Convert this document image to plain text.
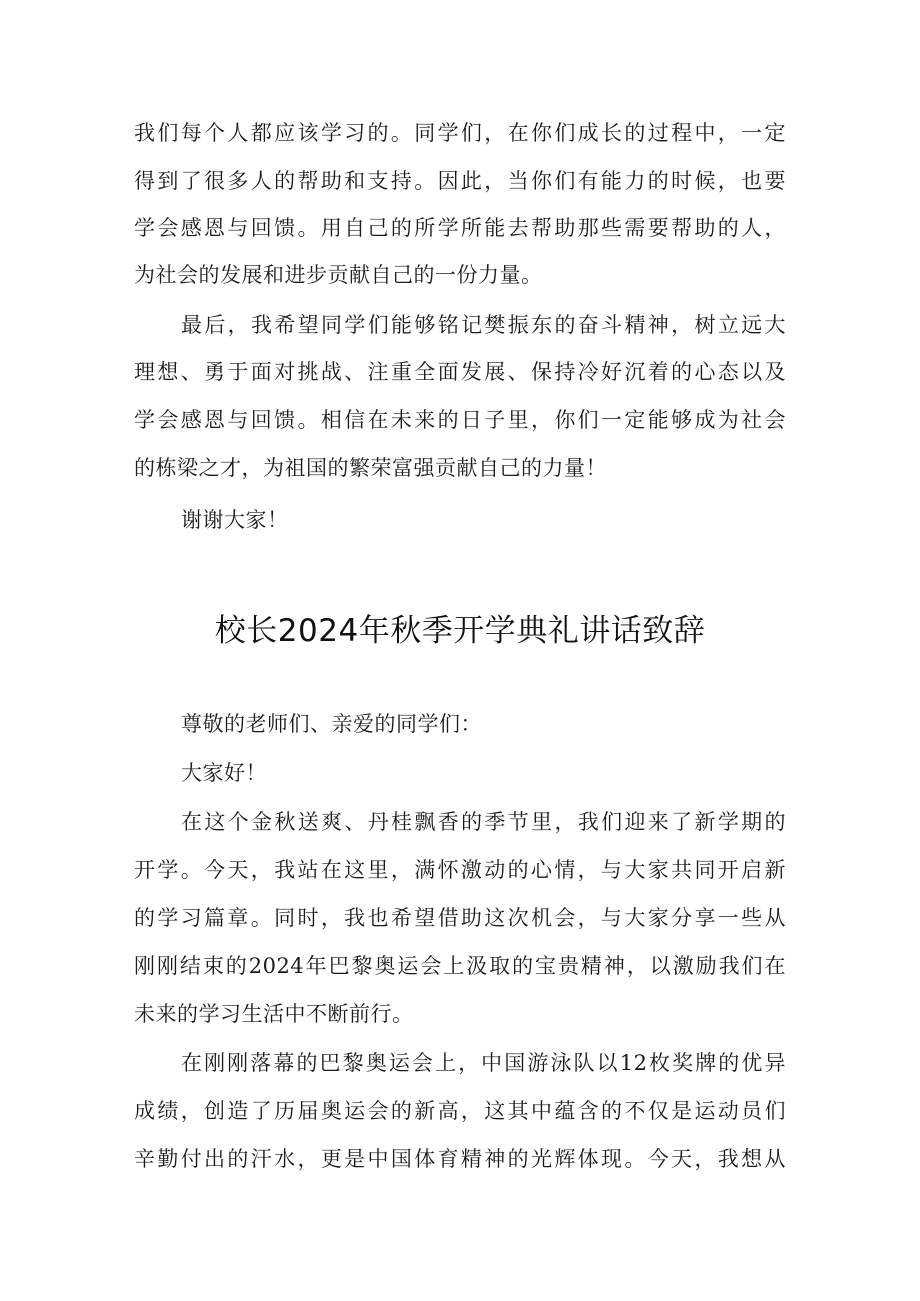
我们每个人都应该学习的。同学们，在你们成长的过程中，一定
得到了很多人的帮助和支持。因此，当你们有能力的时候，也要
学会感恩与回馈。用自己的所学所能去帮助那些需要帮助的人，
为社会的发展和进步贡献自己的一份力量。
最后，我希望同学们能够铭记樊振东的奋斗精神，树立远大
理想、勇于面对挑战、注重全面发展、保持冷好沉着的心态以及
学会感恩与回馈。相信在未来的日子里，你们一定能够成为社会
的栋梁之才，为祖国的繁荣富强贡献自己的力量！
谢谢大家！
校长2024年秋季开学典礼讲话致辞
尊敬的老师们、亲爱的同学们：
大家好！
在这个金秋送爽、丹桂飘香的季节里，我们迎来了新学期的
开学。今天，我站在这里，满怀激动的心情，与大家共同开启新
的学习篇章。同时，我也希望借助这次机会，与大家分享一些从
刚刚结束的2024年巴黎奥运会上汲取的宝贵精神，以激励我们在
未来的学习生活中不断前行。
在刚刚落幕的巴黎奥运会上，中国游泳队以12枚奖牌的优异
成绩，创造了历届奥运会的新高，这其中蕴含的不仅是运动员们
辛勤付出的汗水，更是中国体育精神的光辉体现。今天，我想从
